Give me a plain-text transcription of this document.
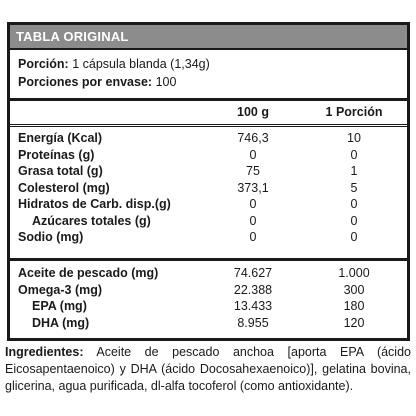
TABLA ORIGINAL
Porción: 1 cápsula blanda (1,34g)
Porciones por envase: 100
100 g	1 Porción
Energía (Kcal)	746,3	10
Proteínas (g)	0	0
Grasa total (g)	75	1
Colesterol (mg)	373,1	5
Hidratos de Carb. disp.(g)	0	0
Azúcares totales (g)	0	0
Sodio (mg)	0	0
Aceite de pescado (mg)	74.627	1.000
Omega-3 (mg)	22.388	300
EPA (mg)	13.433	180
DHA (mg)	8.955	120
Ingredientes: Aceite de pescado anchoa [aporta EPA (ácido Eicosapentaenoico) y DHA (ácido Docosahexaenoico)], gelatina bovina, glicerina, agua purificada, dl-alfa tocoferol (como antioxidante).
